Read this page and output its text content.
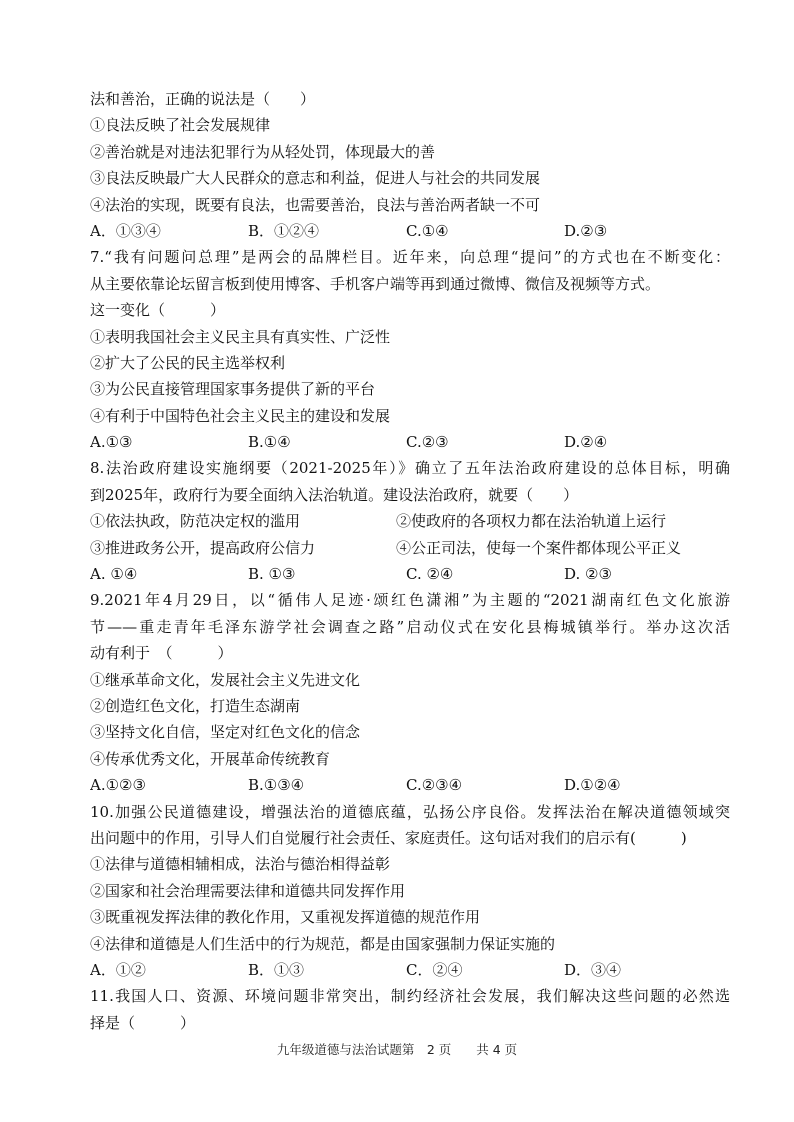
法和善治，正确的说法是（　　）
①良法反映了社会发展规律
②善治就是对违法犯罪行为从轻处罚，体现最大的善
③良法反映最广大人民群众的意志和利益，促进人与社会的共同发展
④法治的实现，既要有良法，也需要善治，良法与善治两者缺一不可
A．①③④	B．①②④	C.①④	D.②③
7.“我有问题问总理”是两会的品牌栏目。近年来，向总理“提问”的方式也在不断变化：
从主要依靠论坛留言板到使用博客、手机客户端等再到通过微博、微信及视频等方式。
这一变化（　　　）
①表明我国社会主义民主具有真实性、广泛性
②扩大了公民的民主选举权利
③为公民直接管理国家事务提供了新的平台
④有利于中国特色社会主义民主的建设和发展
A.①③	B.①④	C.②③	D.②④
8.法治政府建设实施纲要（2021-2025年）》确立了五年法治政府建设的总体目标，明确
到2025年，政府行为要全面纳入法治轨道。建设法治政府，就要（　　）
①依法执政，防范决定权的滥用	②使政府的各项权力都在法治轨道上运行
③推进政务公开，提高政府公信力	④公正司法，使每一个案件都体现公平正义
A. ①④	B. ①③	C. ②④	D. ②③
9.2021年4月29日，以“循伟人足迹·颂红色潇湘”为主题的“2021湖南红色文化旅游
节——重走青年毛泽东游学社会调查之路”启动仪式在安化县梅城镇举行。举办这次活
动有利于　（　　　）
①继承革命文化，发展社会主义先进文化
②创造红色文化，打造生态湖南
③坚持文化自信，坚定对红色文化的信念
④传承优秀文化，开展革命传统教育
A.①②③	B.①③④	C.②③④	D.①②④
10.加强公民道德建设，增强法治的道德底蕴，弘扬公序良俗。发挥法治在解决道德领域突
出问题中的作用，引导人们自觉履行社会责任、家庭责任。这句话对我们的启示有(　　　)
①法律与道德相辅相成，法治与德治相得益彰
②国家和社会治理需要法律和道德共同发挥作用
③既重视发挥法律的教化作用，又重视发挥道德的规范作用
④法律和道德是人们生活中的行为规范，都是由国家强制力保证实施的
A．①②	B．①③	C．②④	D．③④
11.我国人口、资源、环境问题非常突出，制约经济社会发展，我们解决这些问题的必然选
择是（　　　）
九年级道德与法治试题第　2 页　　共 4 页
